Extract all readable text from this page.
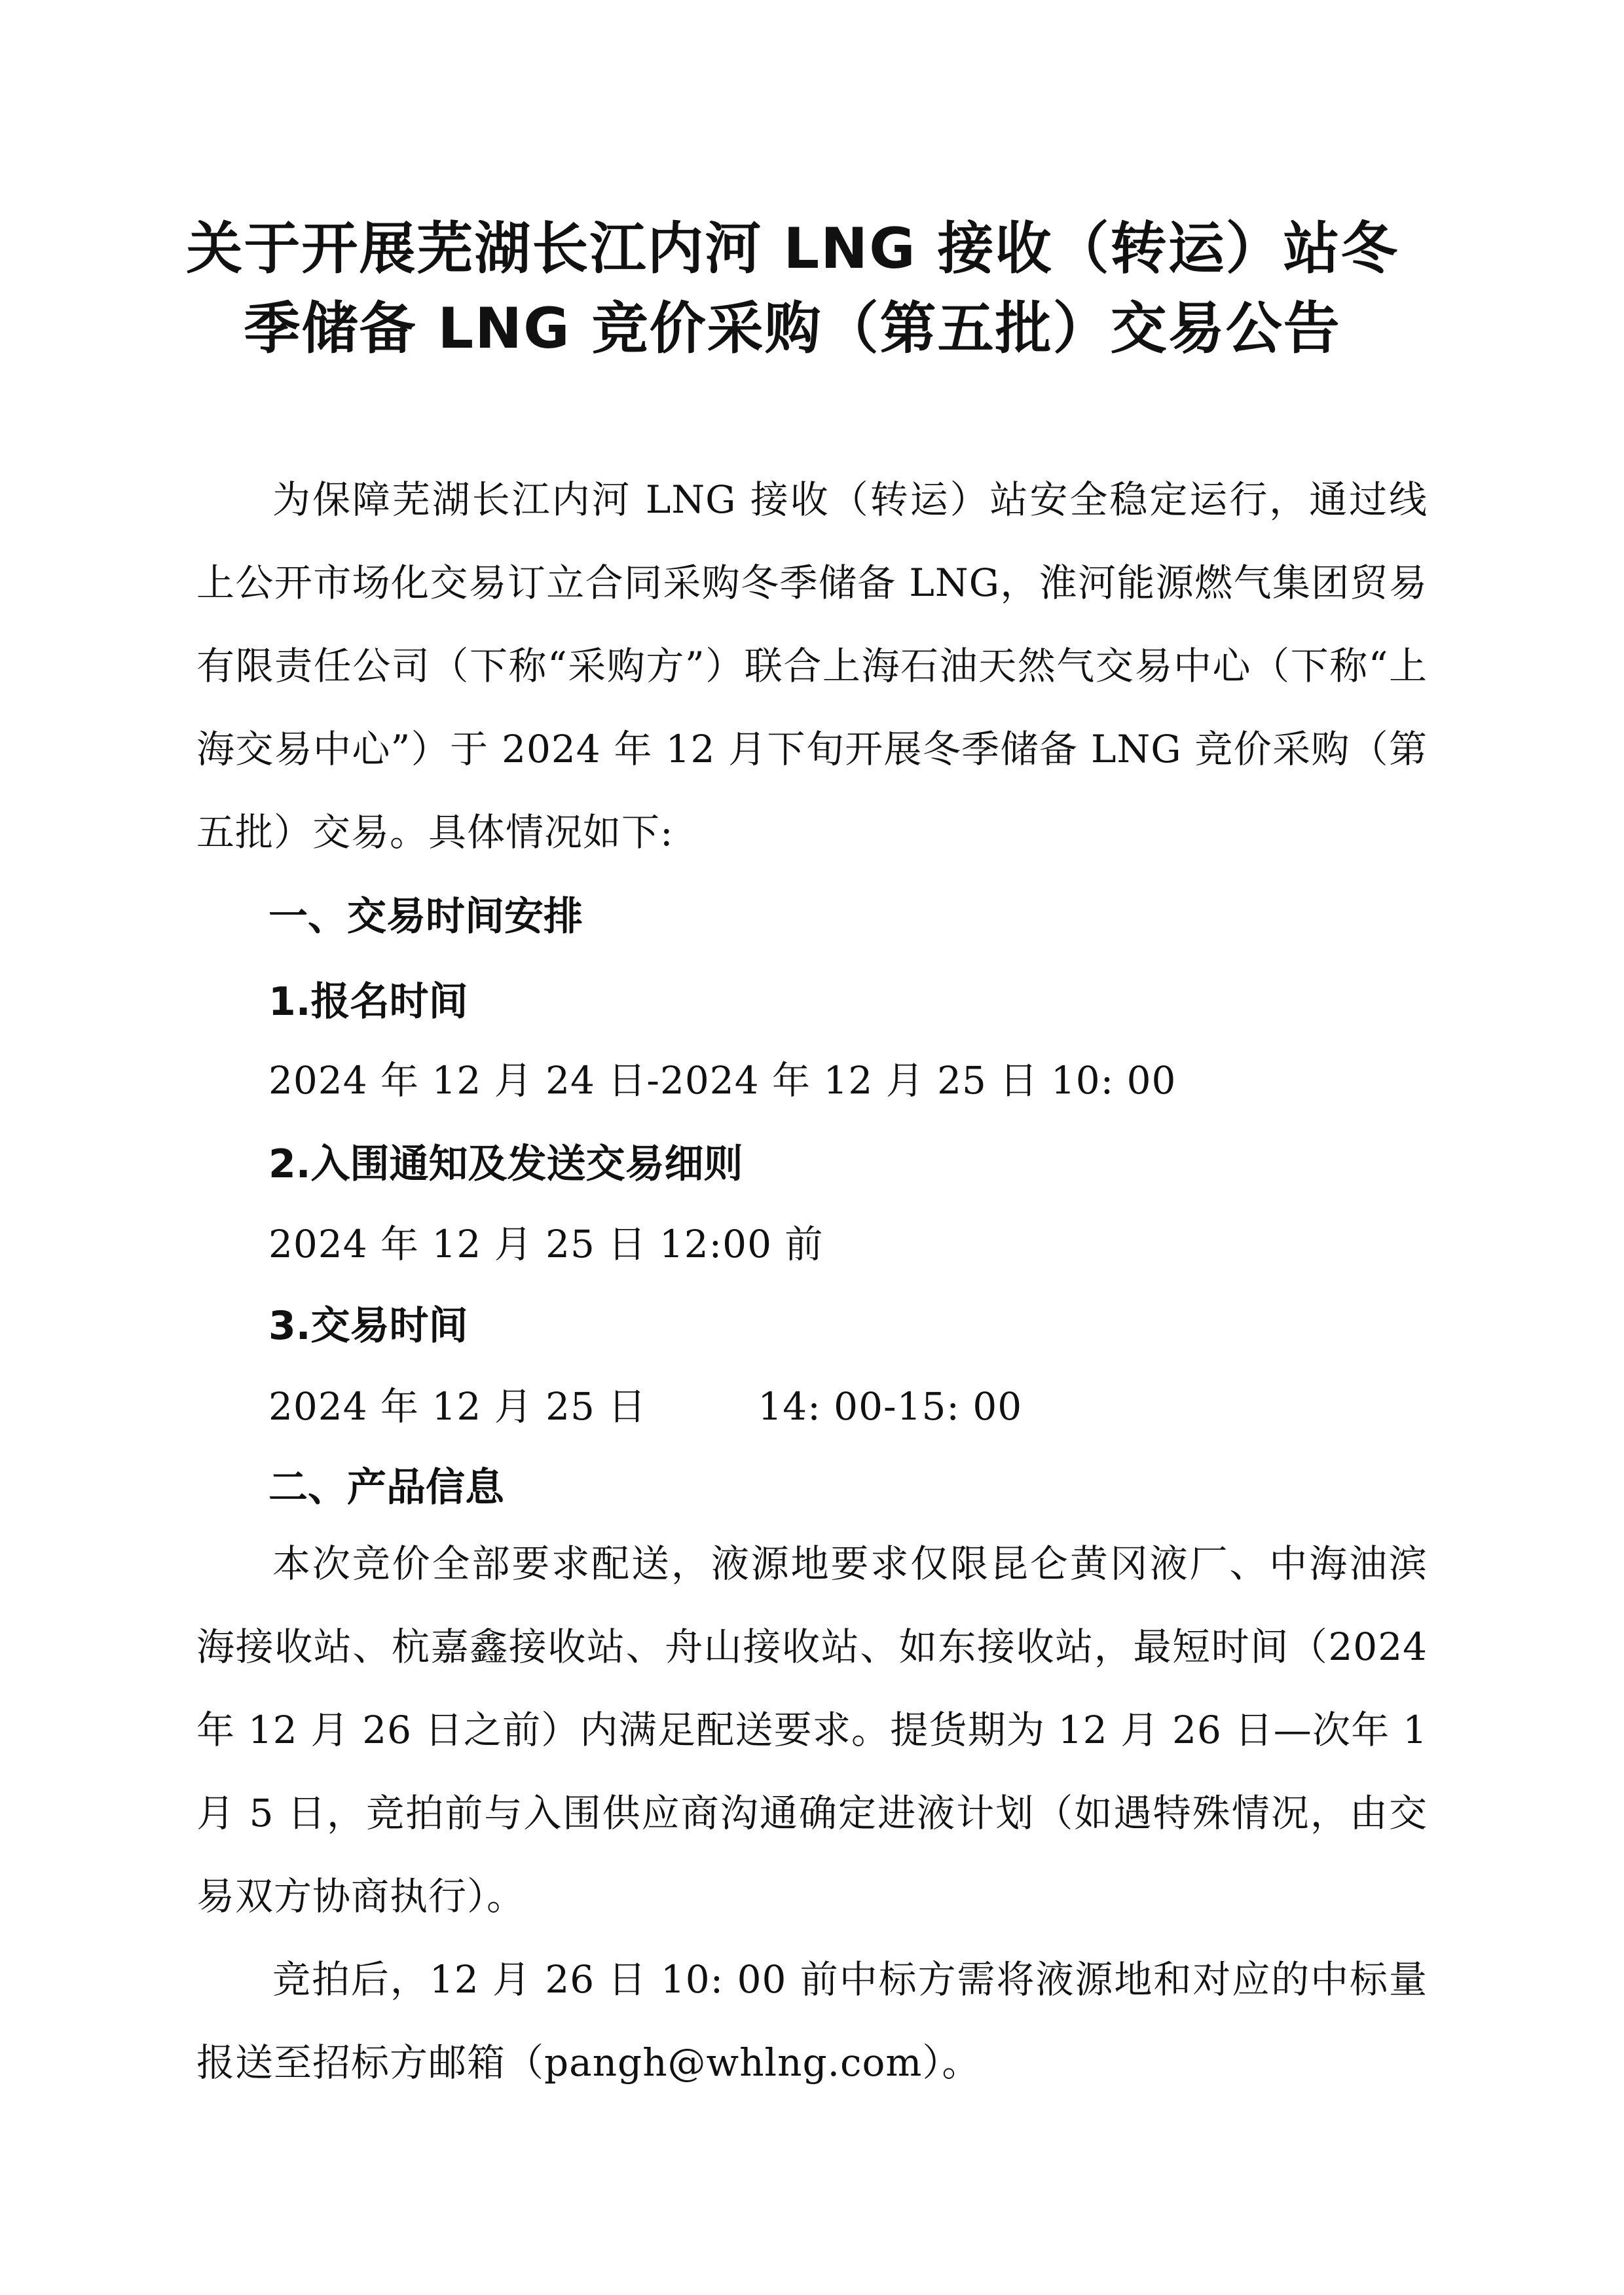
关于开展芜湖长江内河 LNG 接收（转运）站冬
季储备 LNG 竞价采购（第五批）交易公告

为保障芜湖长江内河 LNG 接收（转运）站安全稳定运行，通过线上公开市场化交易订立合同采购冬季储备 LNG，淮河能源燃气集团贸易有限责任公司（下称“采购方”）联合上海石油天然气交易中心（下称“上海交易中心”）于 2024 年 12 月下旬开展冬季储备 LNG 竞价采购（第五批）交易。具体情况如下:

一、交易时间安排
1.报名时间
2024 年 12 月 24 日-2024 年 12 月 25 日 10: 00
2.入围通知及发送交易细则
2024 年 12 月 25 日 12:00 前
3.交易时间
2024 年 12 月 25 日	14: 00-15: 00
二、产品信息

本次竞价全部要求配送，液源地要求仅限昆仑黄冈液厂、中海油滨海接收站、杭嘉鑫接收站、舟山接收站、如东接收站，最短时间（2024 年 12 月 26 日之前）内满足配送要求。提货期为 12 月 26 日—次年 1 月 5 日，竞拍前与入围供应商沟通确定进液计划（如遇特殊情况，由交易双方协商执行）。

竞拍后，12 月 26 日 10: 00 前中标方需将液源地和对应的中标量报送至招标方邮箱（pangh@whlng.com）。
